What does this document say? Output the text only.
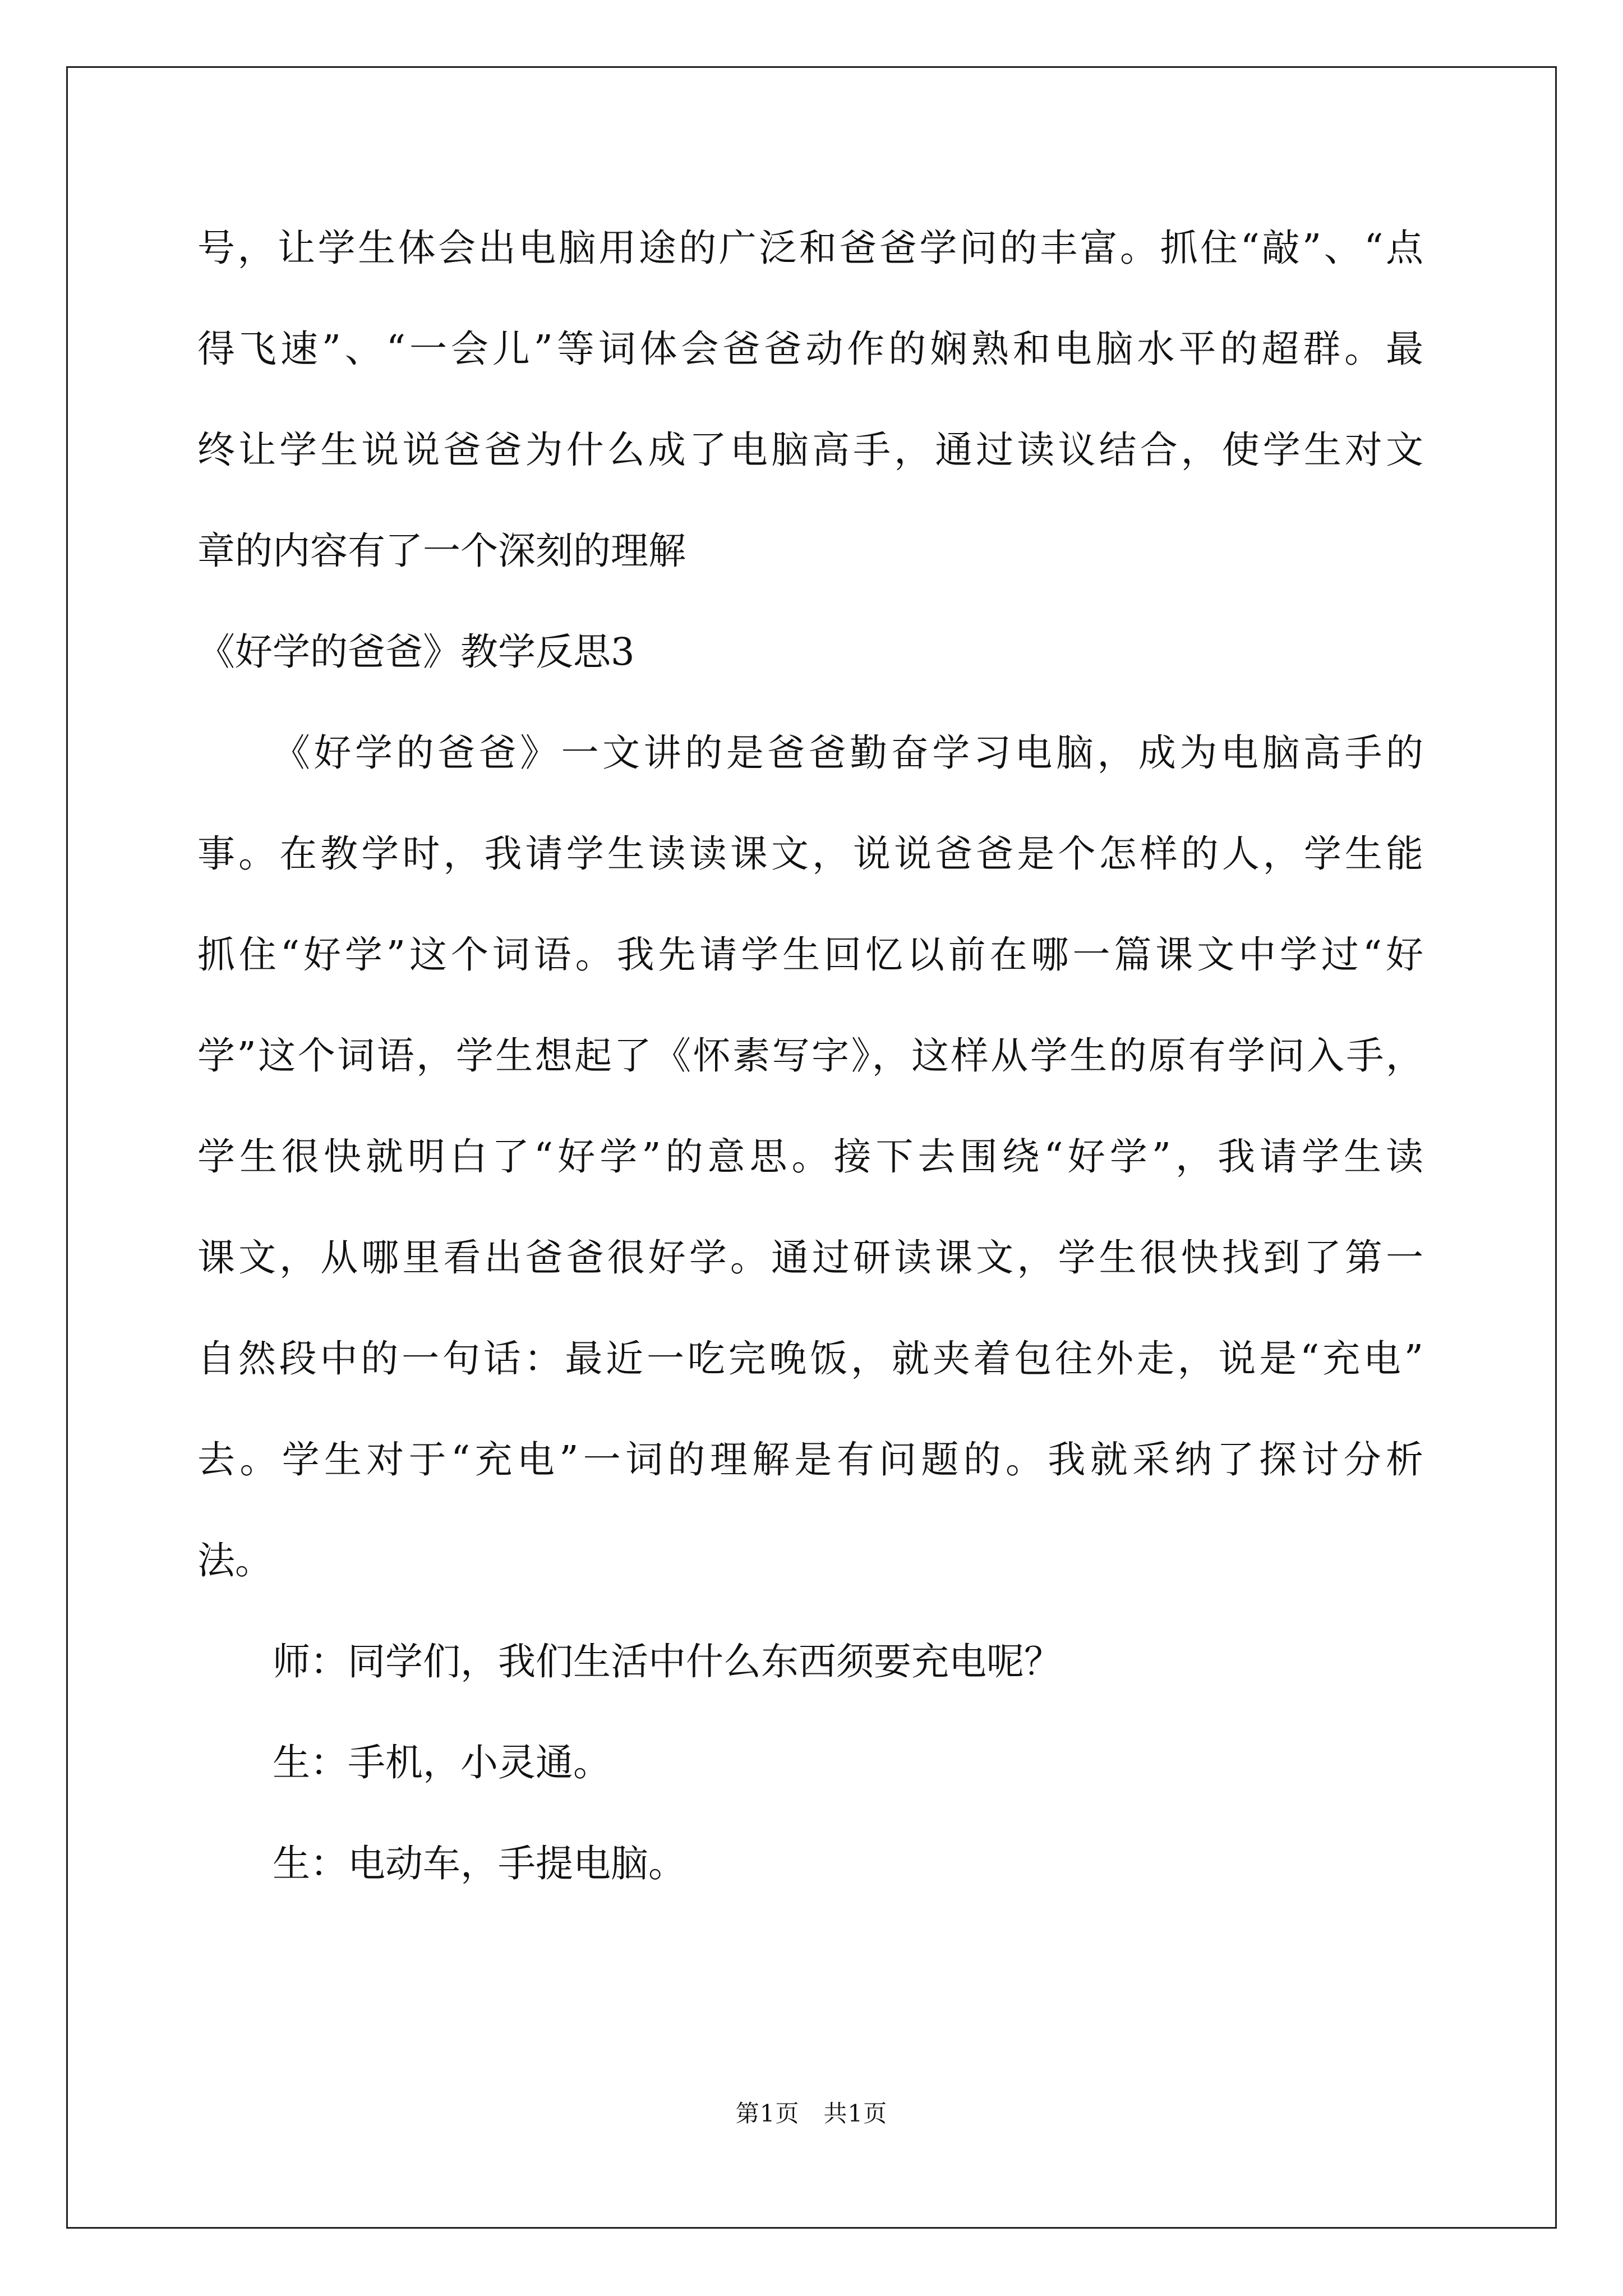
号，让学生体会出电脑用途的广泛和爸爸学问的丰富。抓住“敲”、“点
得飞速”、“一会儿”等词体会爸爸动作的娴熟和电脑水平的超群。最
终让学生说说爸爸为什么成了电脑高手，通过读议结合，使学生对文
章的内容有了一个深刻的理解
《好学的爸爸》教学反思3
《好学的爸爸》一文讲的是爸爸勤奋学习电脑，成为电脑高手的
事。在教学时，我请学生读读课文，说说爸爸是个怎样的人，学生能
抓住“好学”这个词语。我先请学生回忆以前在哪一篇课文中学过“好
学”这个词语，学生想起了《怀素写字》，这样从学生的原有学问入手，
学生很快就明白了“好学”的意思。接下去围绕“好学”，我请学生读
课文，从哪里看出爸爸很好学。通过研读课文，学生很快找到了第一
自然段中的一句话：最近一吃完晚饭，就夹着包往外走，说是“充电”
去。学生对于“充电”一词的理解是有问题的。我就采纳了探讨分析
法。
师：同学们，我们生活中什么东西须要充电呢？
生：手机，小灵通。
生：电动车，手提电脑。
第1页　共1页
